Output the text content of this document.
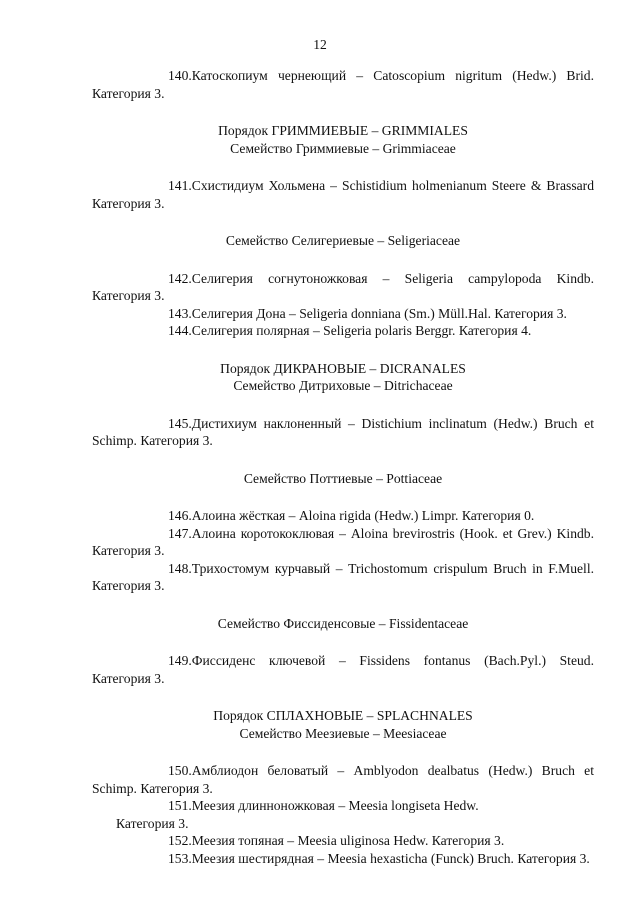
12

140.Катоскопиум чернеющий – Catoscopium nigritum (Hedw.) Brid. Категория 3.

Порядок ГРИММИЕВЫЕ – GRIMMIALES

Семейство Гриммиевые – Grimmiaceae

141.Схистидиум Хольмена – Schistidium holmenianum Steere & Brassard Категория 3.

Семейство Селигериевые – Seligeriaceae

142.Селигерия согнутоножковая – Seligeria campylopoda Kindb. Категория 3.

143.Селигерия Дона – Seligeria donniana (Sm.) Müll.Hal. Категория 3.

144.Селигерия полярная – Seligeria polaris Berggr. Категория 4.

Порядок ДИКРАНОВЫЕ – DICRANALES

Семейство Дитриховые – Ditrichaceae

145.Дистихиум наклоненный – Distichium inclinatum (Hedw.) Bruch et Schimp. Категория 3.

Семейство Поттиевые – Pottiaceae

146.Алоина жёсткая – Aloina rigida (Hedw.) Limpr. Категория 0.

147.Алоина коротококлювая – Aloina brevirostris (Hook. et Grev.) Kindb. Категория 3.

148.Трихостомум курчавый – Trichostomum crispulum Bruch in F.Muell. Категория 3.

Семейство Фиссиденсовые – Fissidentaceae

149.Фиссиденс ключевой – Fissidens fontanus (Bach.Pyl.) Steud. Категория 3.

Порядок СПЛАХНОВЫЕ – SPLACHNALES

Семейство Меезиевые – Meesiaceae

150.Амблиодон беловатый – Amblyodon dealbatus (Hedw.) Bruch et Schimp. Категория 3.

151.Меезия длинноножковая – Meesia longiseta Hedw.

Категория 3.

152.Меезия топяная – Meesia uliginosa Hedw. Категория 3.

153.Меезия шестирядная – Meesia hexasticha (Funck) Bruch. Категория 3.
